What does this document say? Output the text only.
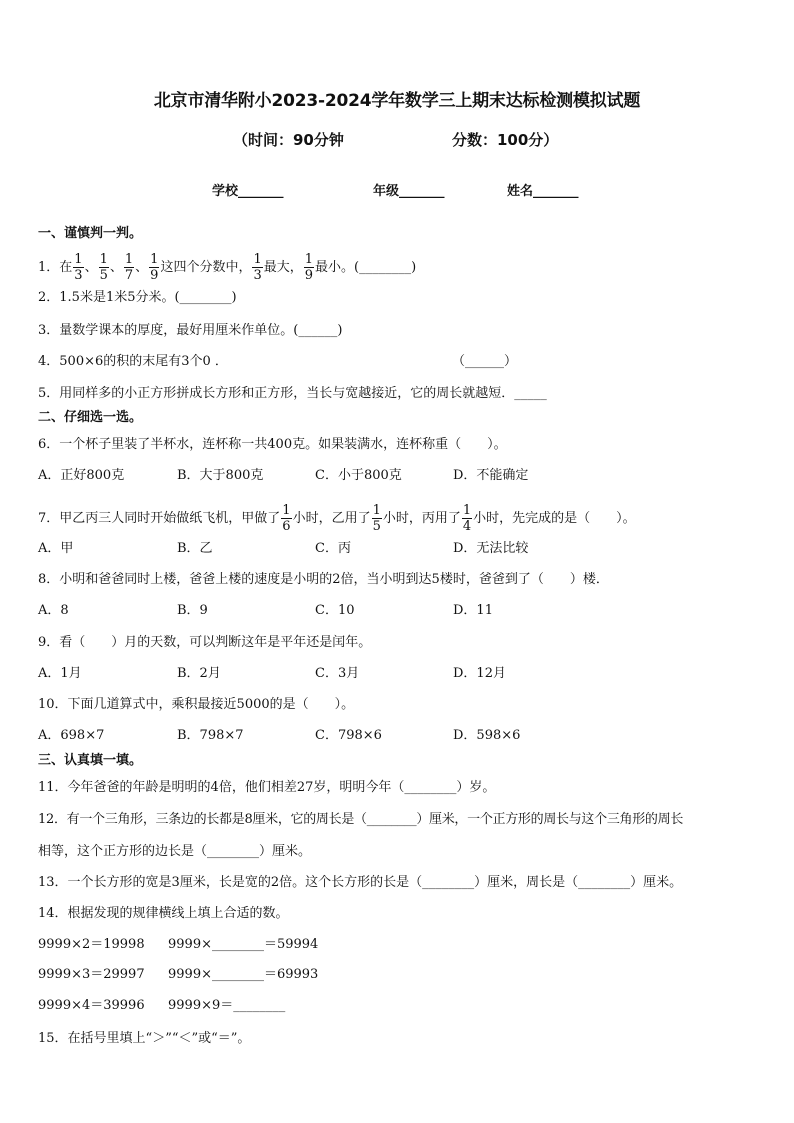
北京市清华附小2023-2024学年数学三上期末达标检测模拟试题
（时间：90分钟	分数：100分）
学校_______	年级_______	姓名_______
一、谨慎判一判。
1．在 $\frac{1}{3}$ 、 $\frac{1}{5}$ 、 $\frac{1}{7}$ 、 $\frac{1}{9}$ 这四个分数中， $\frac{1}{3}$ 最大， $\frac{1}{9}$ 最小。(________)
2．1.5米是1米5分米。(________)
3．量数学课本的厚度，最好用厘米作单位。(______)
4．500×6的积的末尾有3个0 ．	（______）
5．用同样多的小正方形拼成长方形和正方形，当长与宽越接近，它的周长就越短．_____
二、仔细选一选。
6．一个杯子里装了半杯水，连杯称一共400克。如果装满水，连杯称重（　　）。
A．正好800克	B．大于800克	C．小于800克	D．不能确定
7．甲乙丙三人同时开始做纸飞机，甲做了 $\frac{1}{6}$ 小时，乙用了 $\frac{1}{5}$ 小时，丙用了 $\frac{1}{4}$ 小时，先完成的是（　　）。
A．甲	B．乙	C．丙	D．无法比较
8．小明和爸爸同时上楼，爸爸上楼的速度是小明的2倍，当小明到达5楼时，爸爸到了（　　）楼．
A．8	B．9	C．10	D．11
9．看（　　）月的天数，可以判断这年是平年还是闰年。
A．1月	B．2月	C．3月	D．12月
10．下面几道算式中，乘积最接近5000的是（　　）。
A．698×7	B．798×7	C．798×6	D．598×6
三、认真填一填。
11．今年爸爸的年龄是明明的4倍，他们相差27岁，明明今年（________）岁。
12．有一个三角形，三条边的长都是8厘米，它的周长是（________）厘米，一个正方形的周长与这个三角形的周长
相等，这个正方形的边长是（________）厘米。
13．一个长方形的宽是3厘米，长是宽的2倍。这个长方形的长是（________）厘米，周长是（________）厘米。
14．根据发现的规律横线上填上合适的数。
9999×2＝19998 9999×________＝59994
9999×3＝29997 9999×________＝69993
9999×4＝39996 9999×9＝________
15．在括号里填上“＞”“＜”或“＝”。
